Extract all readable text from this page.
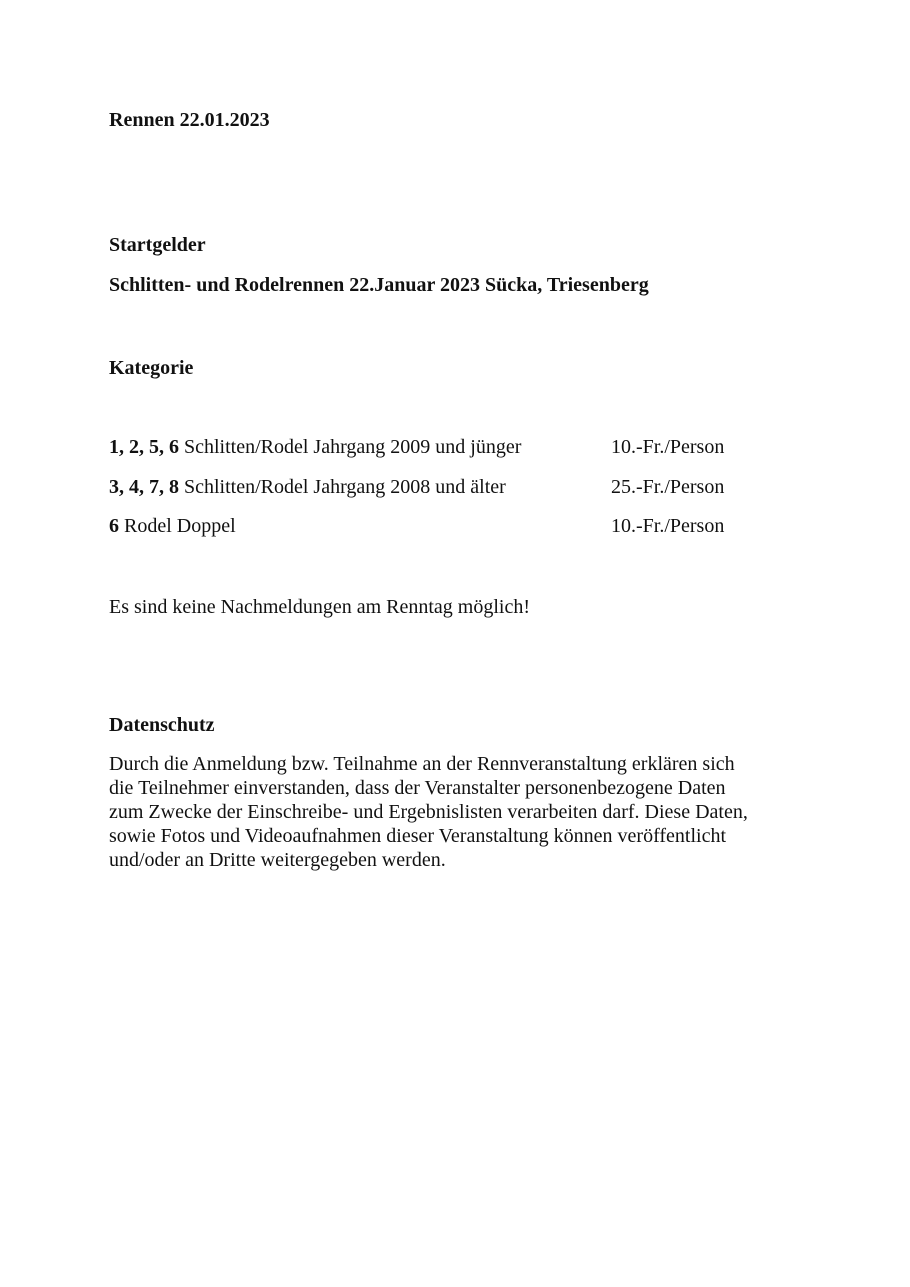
Rennen 22.01.2023
Startgelder
Schlitten- und Rodelrennen 22.Januar 2023 Sücka, Triesenberg
Kategorie
1, 2, 5, 6 Schlitten/Rodel Jahrgang 2009 und jünger	10.-Fr./Person
3, 4, 7, 8 Schlitten/Rodel Jahrgang 2008 und älter	25.-Fr./Person
6 Rodel Doppel	10.-Fr./Person
Es sind keine Nachmeldungen am Renntag möglich!
Datenschutz
Durch die Anmeldung bzw. Teilnahme an der Rennveranstaltung erklären sich
die Teilnehmer einverstanden, dass der Veranstalter personenbezogene Daten
zum Zwecke der Einschreibe- und Ergebnislisten verarbeiten darf. Diese Daten,
sowie Fotos und Videoaufnahmen dieser Veranstaltung können veröffentlicht
und/oder an Dritte weitergegeben werden.
